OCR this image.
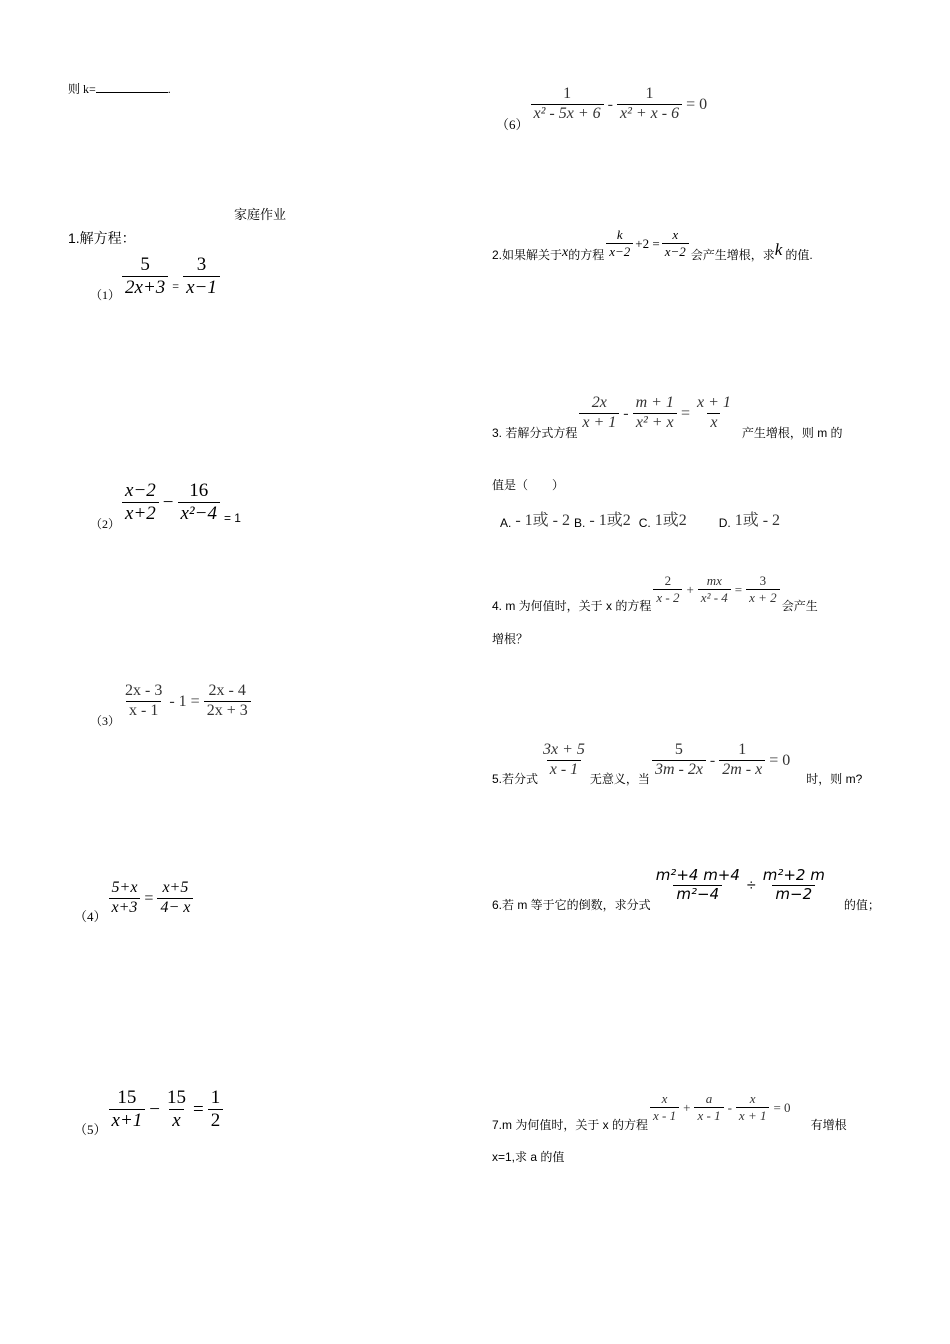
则 k=	.
家庭作业
1.解方程：
$(1) \frac{5}{2x+3} = \frac{3}{x-1}$
（2）
$\frac{x-2}{x+2} - \frac{16}{\text{x²−4}} = 1$
（3）
$\frac{2x - 3}{x - 1} - 1 = \frac{2x - 4}{2x + 3}$
$(4) \frac{5+x}{x+3} = \frac{x+5}{4- x}$
$(5) \frac{15}{x+1} - \frac{15}{x} = \frac{1}{2}$
（6）
$\frac{1}{\text{x² - 5x + 6}} - \frac{1}{\text{x² + x - 6}} = 0$
2.如果解关于 x 的方程 $\frac{k}{x-2} +2 = \frac{x}{x-2}$ 会产生增根，求 k 的值.
3. 若解分式方程
$\frac{2x}{x + 1} - \frac{m + 1}{\text{x² + x}} = \frac{x + 1}{x}$
产生增根，则 m 的
值是（　　）
A. - 1或 - 2 B. - 1或2 C. 1或2	D. 1或 - 2
4. m 为何值时，关于 x 的方程
$\frac{2}{x - 2} + \frac{mx}{\text{x² - 4}} = \frac{3}{x + 2}$
会产生
增根？
5.若分式
$\frac{3x + 5}{x - 1}$
无意义，当
$\frac{5}{3m - 2x} - \frac{1}{2m - x} = 0$
时，则 m?
6.若 m 等于它的倒数，求分式
$\frac{\text{m²+4 m+4}}{\text{m²−4}} \div \frac{\text{m²+2 m}}{m-2}$
的值；
7.m 为何值时，关于 x 的方程
$\frac{x}{x - 1} + \frac{a}{x - 1} - \frac{x}{x + 1} = 0$
有增根
x=1,求 a 的值
